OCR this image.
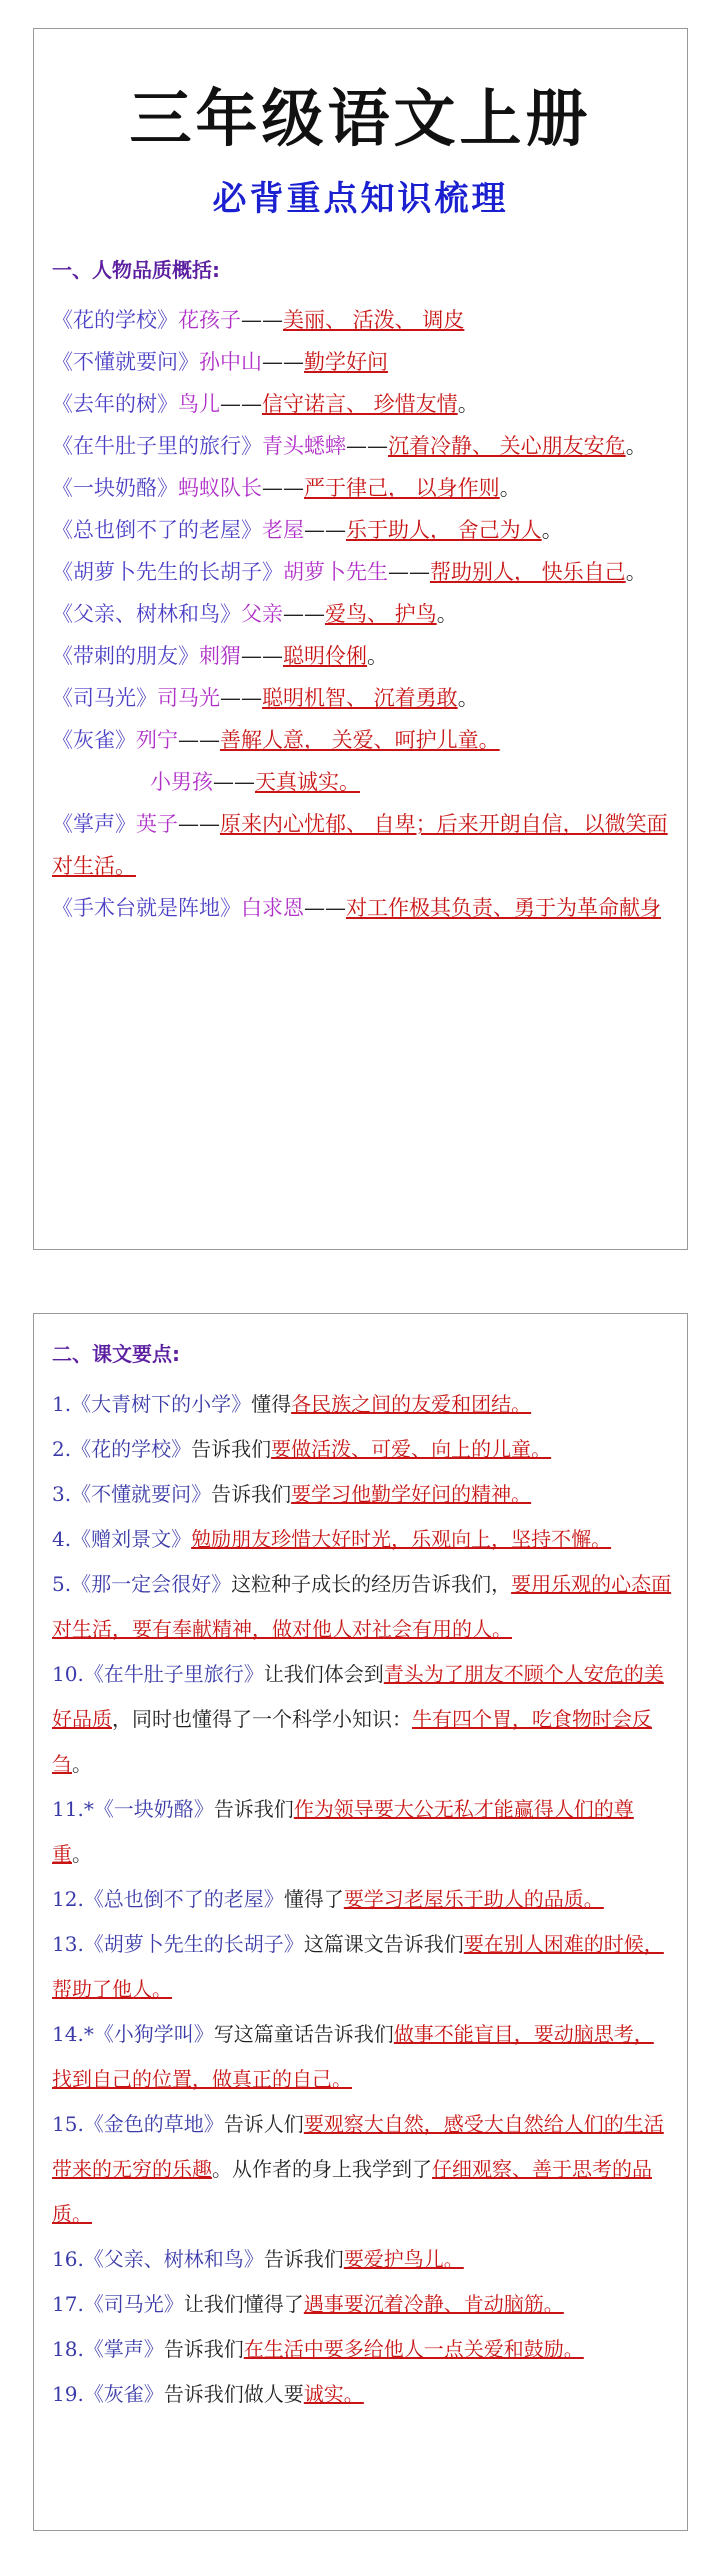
三年级语文上册
必背重点知识梳理
一、人物品质概括:

《花的学校》花孩子——美丽、 活泼、 调皮

《不懂就要问》孙中山——勤学好问

《去年的树》鸟儿——信守诺言、 珍惜友情。

《在牛肚子里的旅行》青头蟋蟀——沉着冷静、 关心朋友安危。

《一块奶酪》蚂蚁队长——严于律己， 以身作则。

《总也倒不了的老屋》老屋——乐于助人， 舍己为人。

《胡萝卜先生的长胡子》胡萝卜先生——帮助别人， 快乐自己。

《父亲、树林和鸟》父亲——爱鸟、 护鸟。

《带刺的朋友》刺猬——聪明伶俐。

《司马光》司马光——聪明机智、 沉着勇敢。

《灰雀》列宁——善解人意， 关爱、呵护儿童。

小男孩——天真诚实。

《掌声》英子——原来内心忧郁、 自卑；后来开朗自信，以微笑面对生活。

《手术台就是阵地》白求恩——对工作极其负责、勇于为革命献身

二、课文要点:

1.《大青树下的小学》懂得各民族之间的友爱和团结。

2.《花的学校》告诉我们要做活泼、可爱、向上的儿童。

3.《不懂就要问》告诉我们要学习他勤学好问的精神。

4.《赠刘景文》勉励朋友珍惜大好时光，乐观向上，坚持不懈。

5.《那一定会很好》这粒种子成长的经历告诉我们，要用乐观的心态面对生活，要有奉献精神，做对他人对社会有用的人。

10.《在牛肚子里旅行》让我们体会到青头为了朋友不顾个人安危的美好品质，同时也懂得了一个科学小知识：牛有四个胃，吃食物时会反刍。

11.*《一块奶酪》告诉我们作为领导要大公无私才能赢得人们的尊重。

12.《总也倒不了的老屋》懂得了要学习老屋乐于助人的品质。

13.《胡萝卜先生的长胡子》这篇课文告诉我们要在别人困难的时候，帮助了他人。

14.*《小狗学叫》写这篇童话告诉我们做事不能盲目，要动脑思考，找到自己的位置，做真正的自己。

15.《金色的草地》告诉人们要观察大自然，感受大自然给人们的生活带来的无穷的乐趣。从作者的身上我学到了仔细观察、善于思考的品质。

16.《父亲、树林和鸟》告诉我们要爱护鸟儿。

17.《司马光》让我们懂得了遇事要沉着冷静、肯动脑筋。

18.《掌声》告诉我们在生活中要多给他人一点关爱和鼓励。

19.《灰雀》告诉我们做人要诚实。
